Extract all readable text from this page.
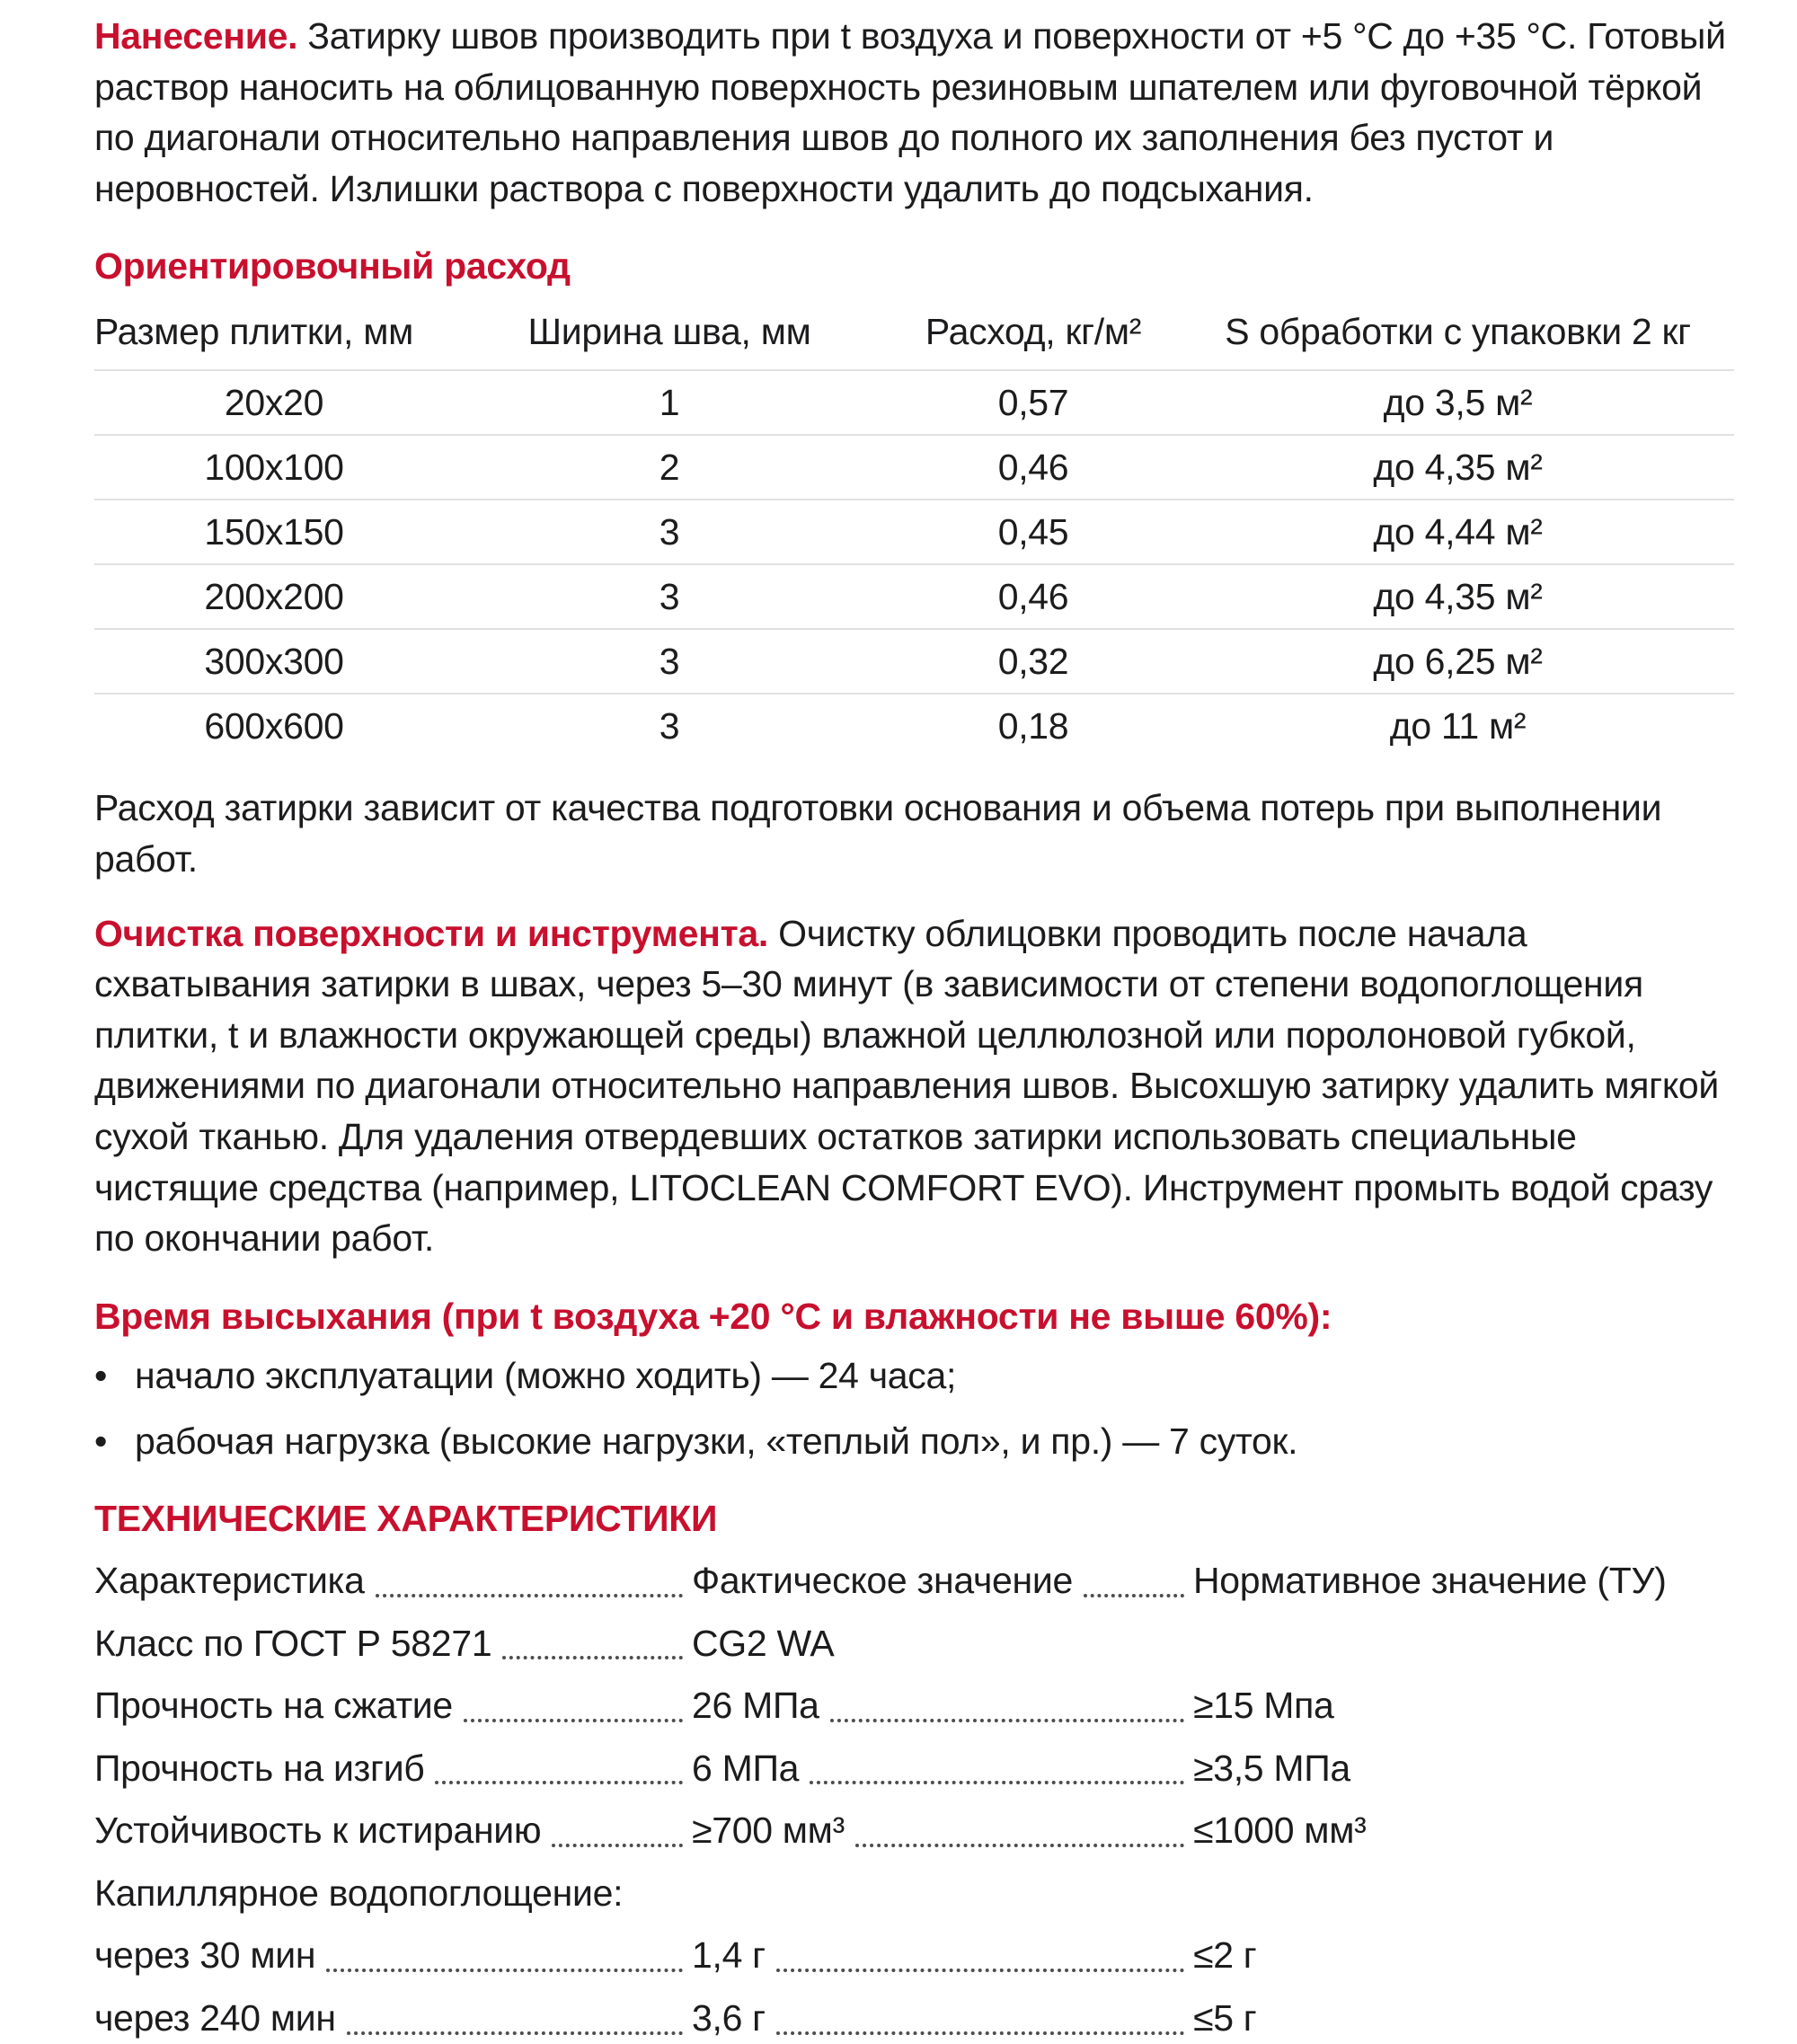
Нанесение. Затирку швов производить при t воздуха и поверхности от +5 °C до +35 °C. Готовый раствор наносить на облицованную поверхность резиновым шпателем или фуговочной тёркой по диагонали относительно направления швов до полного их заполнения без пустот и неровностей. Излишки раствора с поверхности удалить до подсыхания.

Ориентировочный расход
Размер плитки, мм	Ширина шва, мм	Расход, кг/м²	S обработки с упаковки 2 кг
20x20	1	0,57	до 3,5 м²
100x100	2	0,46	до 4,35 м²
150x150	3	0,45	до 4,44 м²
200x200	3	0,46	до 4,35 м²
300x300	3	0,32	до 6,25 м²
600x600	3	0,18	до 11 м²

Расход затирки зависит от качества подготовки основания и объема потерь при выполнении работ.

Очистка поверхности и инструмента. Очистку облицовки проводить после начала схватывания затирки в швах, через 5–30 минут (в зависимости от степени водопоглощения плитки, t и влажности окружающей среды) влажной целлюлозной или поролоновой губкой, движениями по диагонали относительно направления швов. Высохшую затирку удалить мягкой сухой тканью. Для удаления отвердевших остатков затирки использовать специальные чистящие средства (например, LITOCLEAN COMFORT EVO). Инструмент промыть водой сразу по окончании работ.

Время высыхания (при t воздуха +20 °C и влажности не выше 60%):
• начало эксплуатации (можно ходить) — 24 часа;
• рабочая нагрузка (высокие нагрузки, «теплый пол», и пр.) — 7 суток.
ТЕХНИЧЕСКИЕ ХАРАКТЕРИСТИКИ
Характеристика	Фактическое значение	Нормативное значение (ТУ)
Класс по ГОСТ Р 58271	CG2 WA
Прочность на сжатие	26 МПа	≥15 Мпа
Прочность на изгиб	6 МПа	≥3,5 МПа
Устойчивость к истиранию	≥700 мм³	≤1000 мм³
Капиллярное водопоглощение:
через 30 мин	1,4 г	≤2 г
через 240 мин	3,6 г	≤5 г
